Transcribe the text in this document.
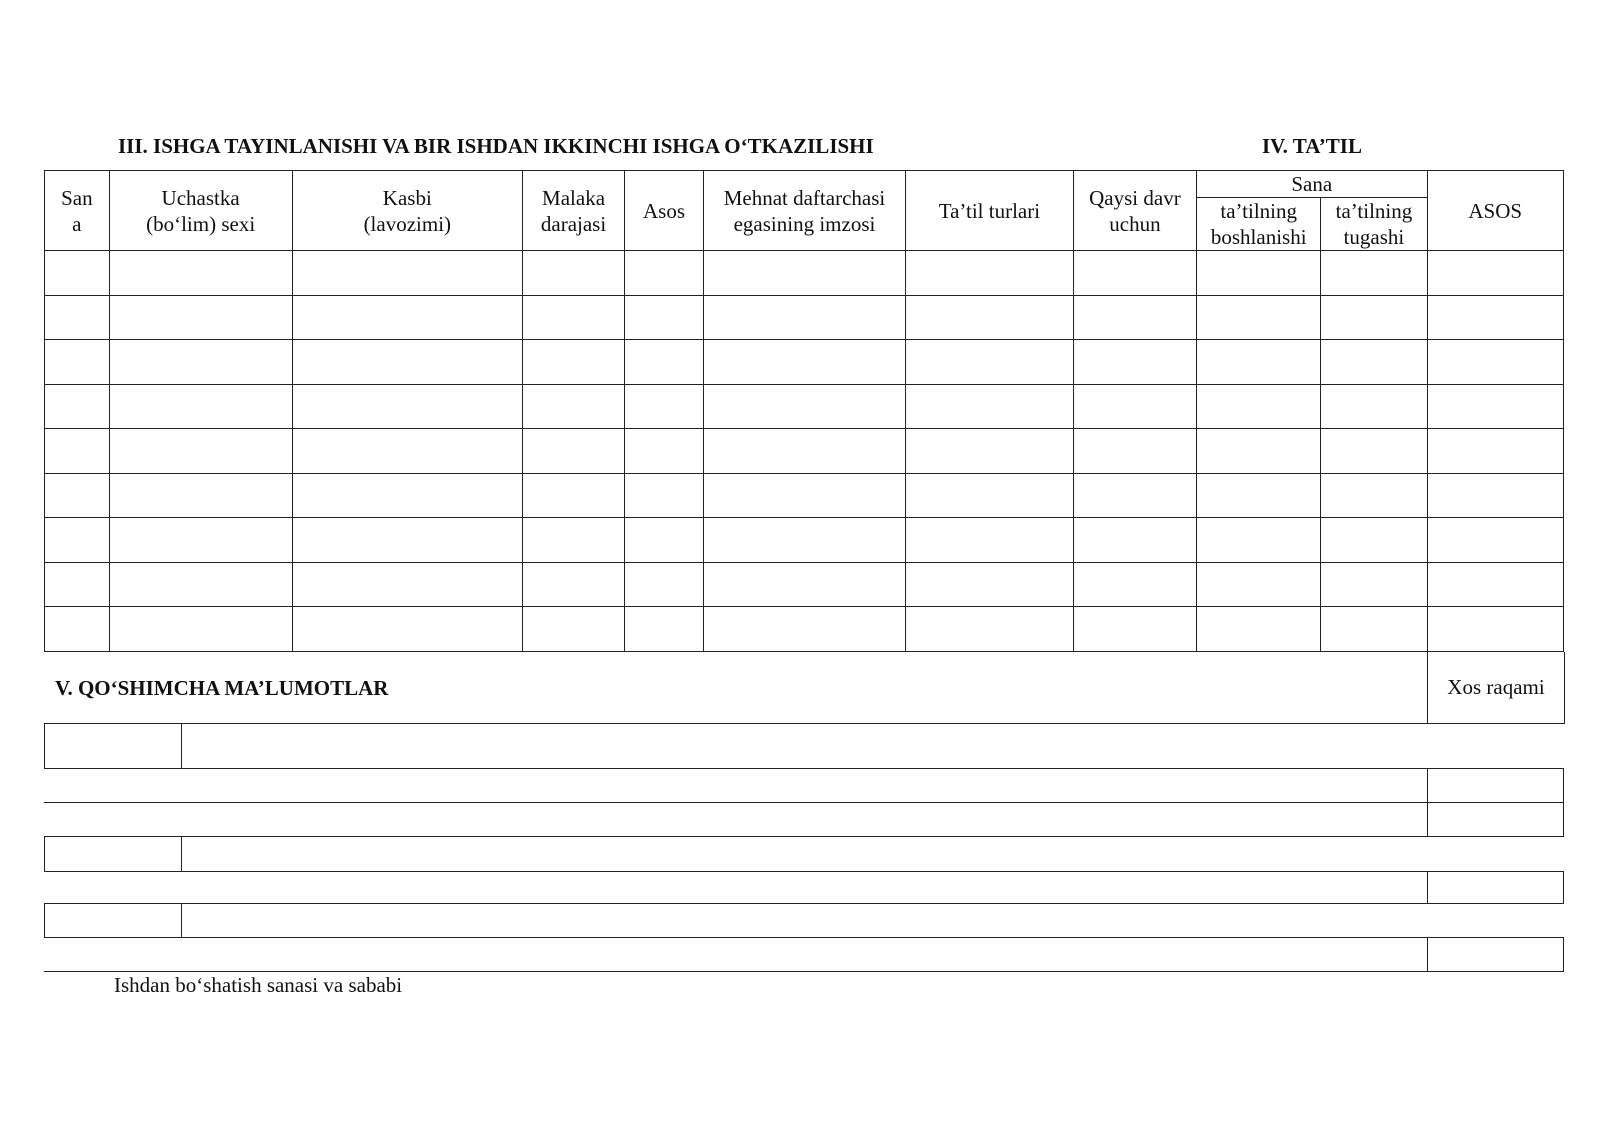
III. ISHGA TAYINLANISHI VA BIR ISHDAN IKKINCHI ISHGA O‘TKAZILISHI	IV. TA’TIL
San a	Uchastka (bo‘lim) sexi	Kasbi (lavozimi)	Malaka darajasi	Asos	Mehnat daftarchasi egasining imzosi	Ta’til turlari	Qaysi davr uchun	Sana		ASOS
								ta’tilning boshlanishi	ta’tilning tugashi	

V. QO‘SHIMCHA MA’LUMOTLAR	Xos raqami
Ishdan bo‘shatish sanasi va sababi
